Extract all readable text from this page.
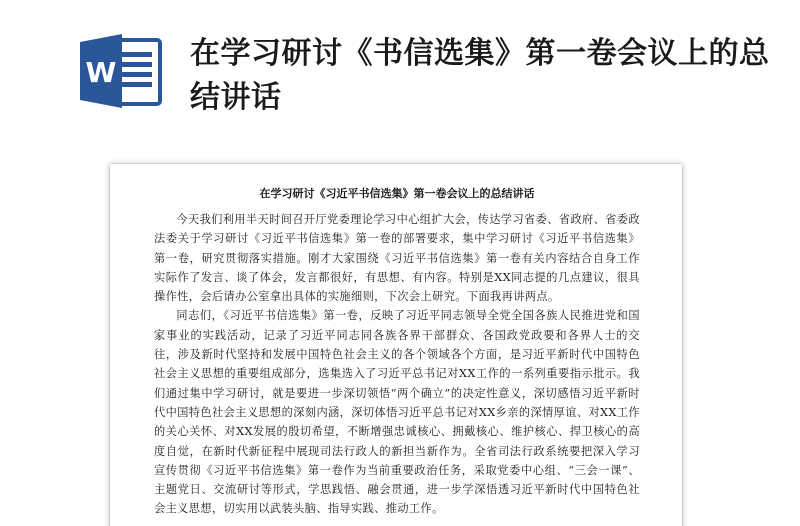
W
在学习研讨《书信选集》第一卷会议上的总结讲话
在学习研讨《习近平书信选集》第一卷会议上的总结讲话

今天我们利用半天时间召开厅党委理论学习中心组扩大会，传达学习省委、省政府、省委政法委关于学习研讨《习近平书信选集》第一卷的部署要求，集中学习研讨《习近平书信选集》第一卷，研究贯彻落实措施。刚才大家围绕《习近平书信选集》第一卷有关内容结合自身工作实际作了发言、谈了体会，发言都很好，有思想、有内容。特别是XX同志提的几点建议，很具操作性，会后请办公室拿出具体的实施细则，下次会上研究。下面我再讲两点。

同志们，《习近平书信选集》第一卷，反映了习近平同志领导全党全国各族人民推进党和国家事业的实践活动，记录了习近平同志同各族各界干部群众、各国政党政要和各界人士的交往，涉及新时代坚持和发展中国特色社会主义的各个领域各个方面，是习近平新时代中国特色社会主义思想的重要组成部分，选集选入了习近平总书记对XX工作的一系列重要指示批示。我们通过集中学习研讨，就是要进一步深切领悟“两个确立”的决定性意义，深切感悟习近平新时代中国特色社会主义思想的深刻内涵，深切体悟习近平总书记对XX乡亲的深情厚谊、对XX工作的关心关怀、对XX发展的殷切希望，不断增强忠诚核心、拥戴核心、维护核心、捍卫核心的高度自觉，在新时代新征程中展现司法行政人的新担当新作为。全省司法行政系统要把深入学习宣传贯彻《习近平书信选集》第一卷作为当前重要政治任务，采取党委中心组、“三会一课”、主题党日、交流研讨等形式，学思践悟、融会贯通，进一步学深悟透习近平新时代中国特色社会主义思想，切实用以武装头脑、指导实践、推动工作。
